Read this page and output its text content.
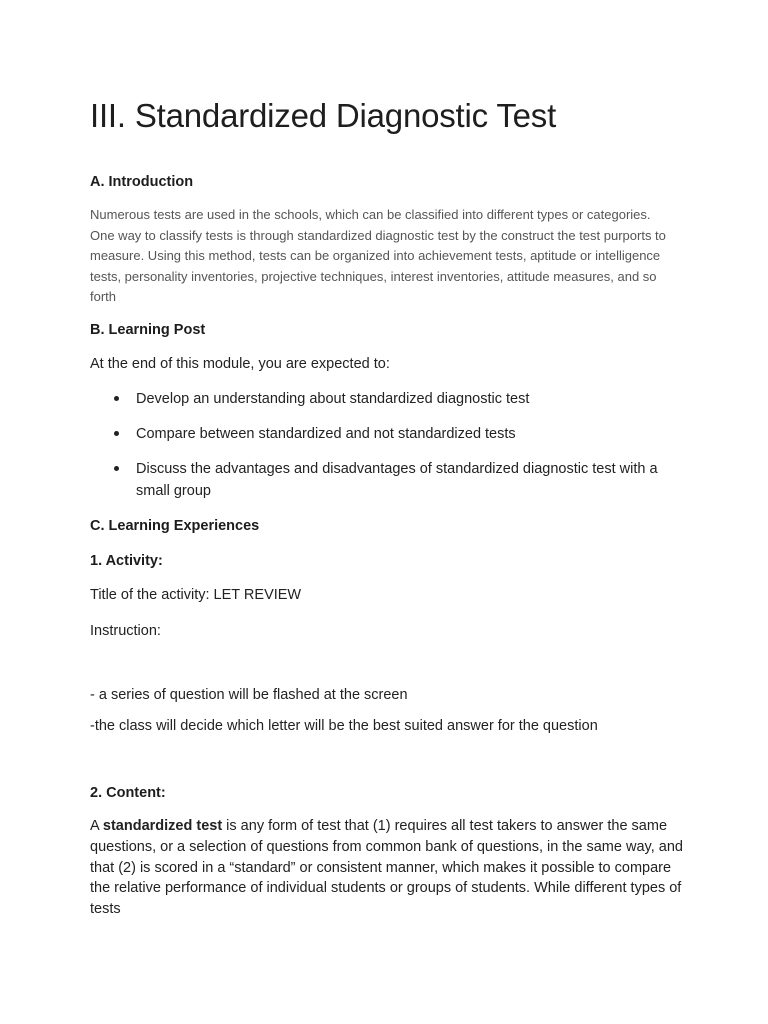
III. Standardized Diagnostic Test
A. Introduction

Numerous tests are used in the schools, which can be classified into different types or categories. One way to classify tests is through standardized diagnostic test by the construct the test purports to measure. Using this method, tests can be organized into achievement tests, aptitude or intelligence tests, personality inventories, projective techniques, interest inventories, attitude measures, and so forth

B. Learning Post

At the end of this module, you are expected to:

Develop an understanding about standardized diagnostic test
Compare between standardized and not standardized tests
Discuss the advantages and disadvantages of standardized diagnostic test with a small group
C. Learning Experiences
1. Activity:

Title of the activity: LET REVIEW

Instruction:

- a series of question will be flashed at the screen

-the class will decide which letter will be the best suited answer for the question

2. Content:

A standardized test is any form of test that (1) requires all test takers to answer the same questions, or a selection of questions from common bank of questions, in the same way, and that (2) is scored in a “standard” or consistent manner, which makes it possible to compare the relative performance of individual students or groups of students. While different types of tests
